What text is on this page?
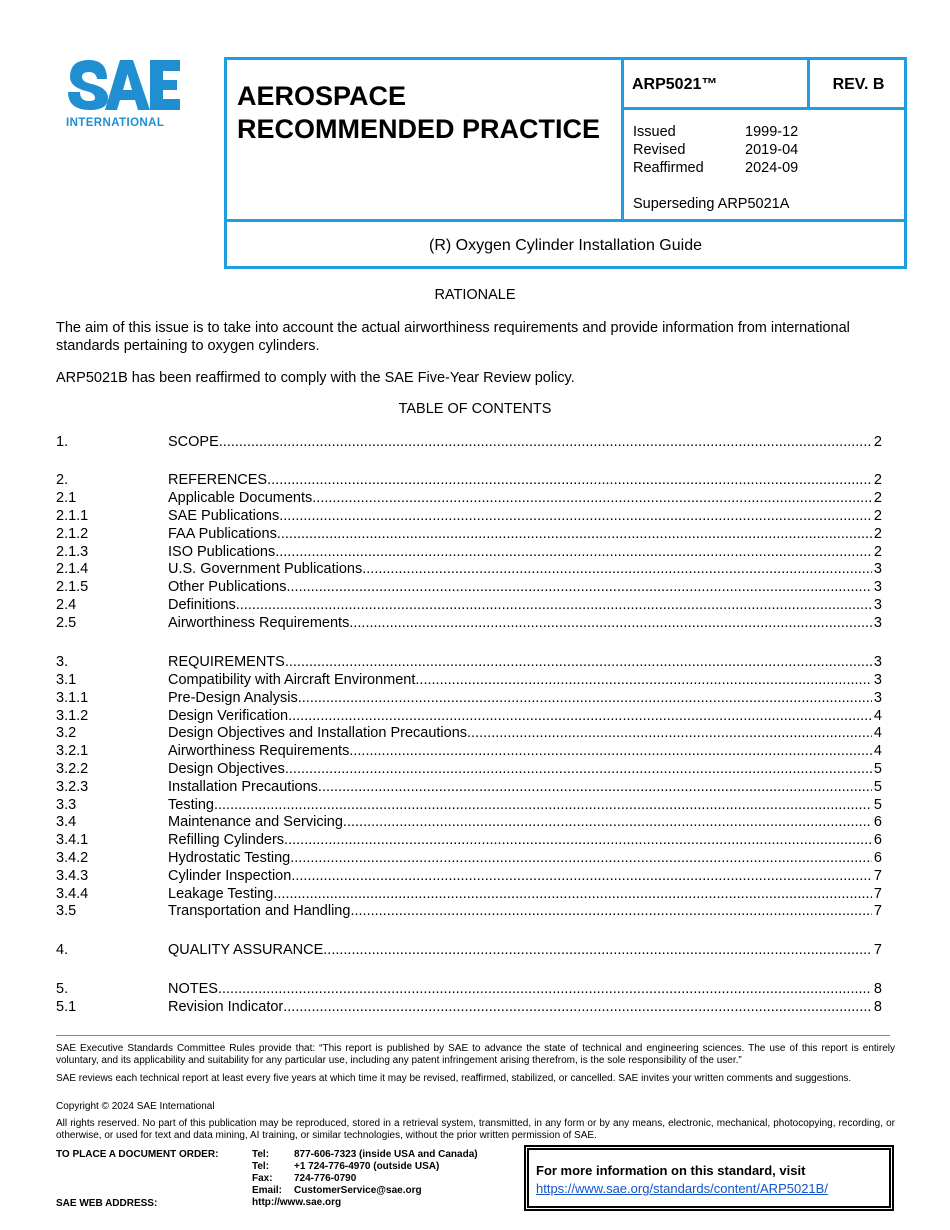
INTERNATIONAL
AEROSPACE
RECOMMENDED PRACTICE
ARP5021™	REV. B
Issued	1999-12
Revised	2019-04
Reaffirmed	2024-09
Superseding ARP5021A
(R) Oxygen Cylinder Installation Guide
RATIONALE
The aim of this issue is to take into account the actual airworthiness requirements and provide information from international standards pertaining to oxygen cylinders.
ARP5021B has been reaffirmed to comply with the SAE Five-Year Review policy.
TABLE OF CONTENTS
1.	SCOPE .....	2
2.	REFERENCES .....	2
2.1	Applicable Documents .....	2
2.1.1	SAE Publications .....	2
2.1.2	FAA Publications .....	2
2.1.3	ISO Publications .....	2
2.1.4	U.S. Government Publications .....	3
2.1.5	Other Publications .....	3
2.4	Definitions .....	3
2.5	Airworthiness Requirements .....	3
3.	REQUIREMENTS .....	3
3.1	Compatibility with Aircraft Environment .....	3
3.1.1	Pre-Design Analysis .....	3
3.1.2	Design Verification .....	4
3.2	Design Objectives and Installation Precautions .....	4
3.2.1	Airworthiness Requirements .....	4
3.2.2	Design Objectives .....	5
3.2.3	Installation Precautions .....	5
3.3	Testing .....	5
3.4	Maintenance and Servicing .....	6
3.4.1	Refilling Cylinders .....	6
3.4.2	Hydrostatic Testing .....	6
3.4.3	Cylinder Inspection .....	7
3.4.4	Leakage Testing .....	7
3.5	Transportation and Handling .....	7
4.	QUALITY ASSURANCE .....	7
5.	NOTES .....	8
5.1	Revision Indicator .....	8
SAE Executive Standards Committee Rules provide that: “This report is published by SAE to advance the state of technical and engineering sciences. The use of this report is entirely voluntary, and its applicability and suitability for any particular use, including any patent infringement arising therefrom, is the sole responsibility of the user.”
SAE reviews each technical report at least every five years at which time it may be revised, reaffirmed, stabilized, or cancelled. SAE invites your written comments and suggestions.
Copyright © 2024 SAE International
All rights reserved. No part of this publication may be reproduced, stored in a retrieval system, transmitted, in any form or by any means, electronic, mechanical, photocopying, recording, or otherwise, or used for text and data mining, AI training, or similar technologies, without the prior written permission of SAE.
TO PLACE A DOCUMENT ORDER:
SAE WEB ADDRESS:
Tel:	877-606-7323 (inside USA and Canada)
Tel:	+1 724-776-4970 (outside USA)
Fax:	724-776-0790
Email:	CustomerService@sae.org
http://www.sae.org
For more information on this standard, visit
https://www.sae.org/standards/content/ARP5021B/
